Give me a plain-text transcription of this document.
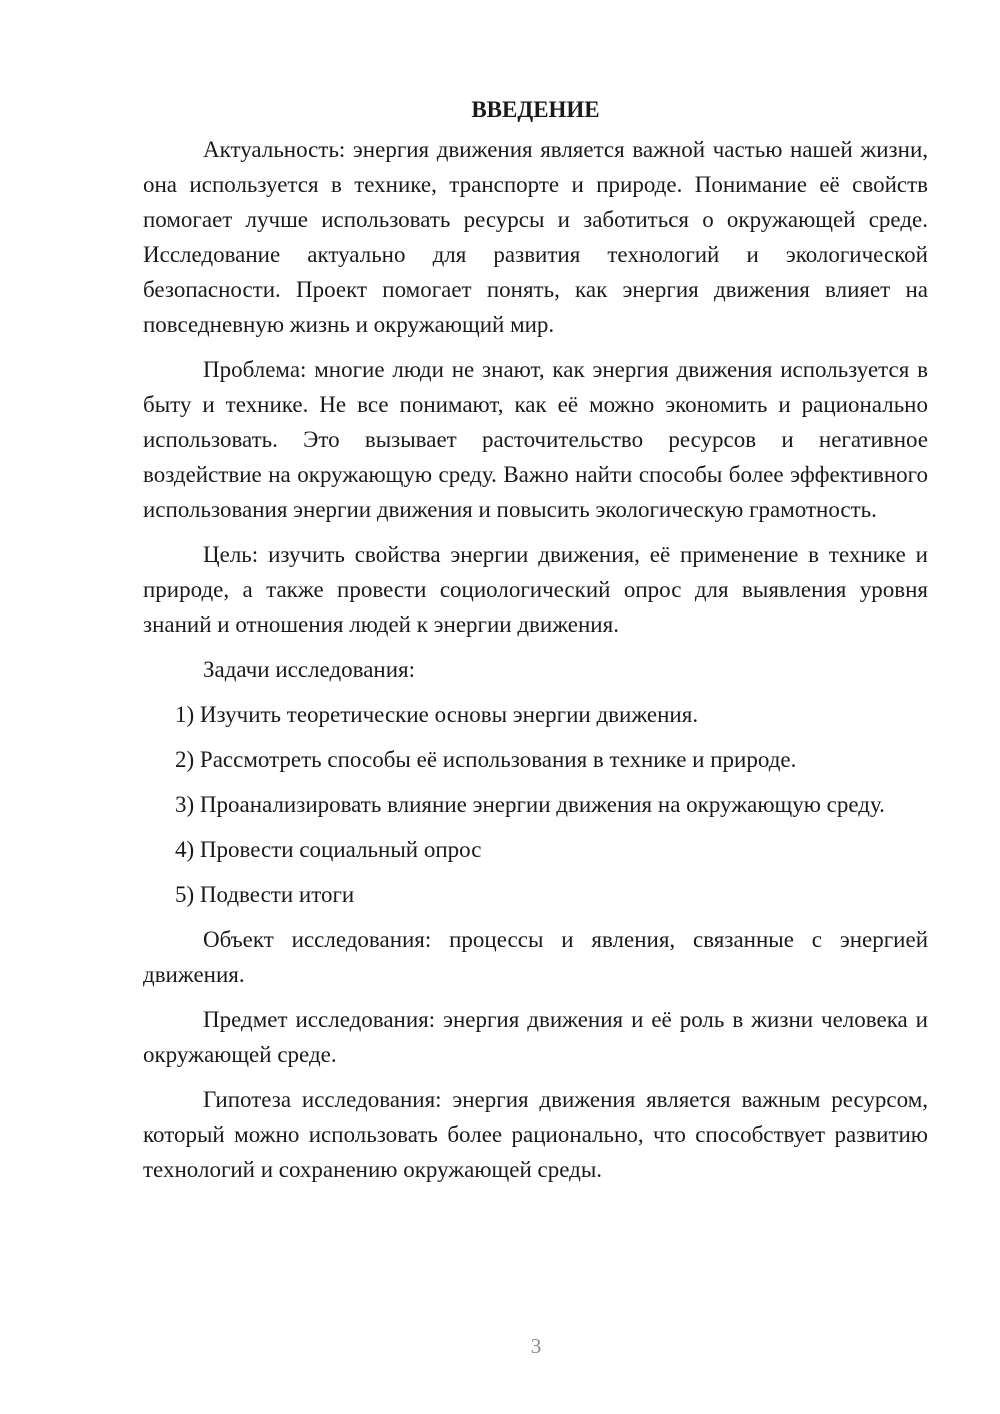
ВВЕДЕНИЕ

Актуальность: энергия движения является важной частью нашей жизни, она используется в технике, транспорте и природе. Понимание её свойств помогает лучше использовать ресурсы и заботиться о окружающей среде. Исследование актуально для развития технологий и экологической безопасности. Проект помогает понять, как энергия движения влияет на повседневную жизнь и окружающий мир.

Проблема: многие люди не знают, как энергия движения используется в быту и технике. Не все понимают, как её можно экономить и рационально использовать. Это вызывает расточительство ресурсов и негативное воздействие на окружающую среду. Важно найти способы более эффективного использования энергии движения и повысить экологическую грамотность.

Цель: изучить свойства энергии движения, её применение в технике и природе, а также провести социологический опрос для выявления уровня знаний и отношения людей к энергии движения.

Задачи исследования:

1) Изучить теоретические основы энергии движения.
2) Рассмотреть способы её использования в технике и природе.
3) Проанализировать влияние энергии движения на окружающую среду.
4) Провести социальный опрос
5) Подвести итоги

Объект исследования: процессы и явления, связанные с энергией движения.

Предмет исследования: энергия движения и её роль в жизни человека и окружающей среде.

Гипотеза исследования: энергия движения является важным ресурсом, который можно использовать более рационально, что способствует развитию технологий и сохранению окружающей среды.

3
